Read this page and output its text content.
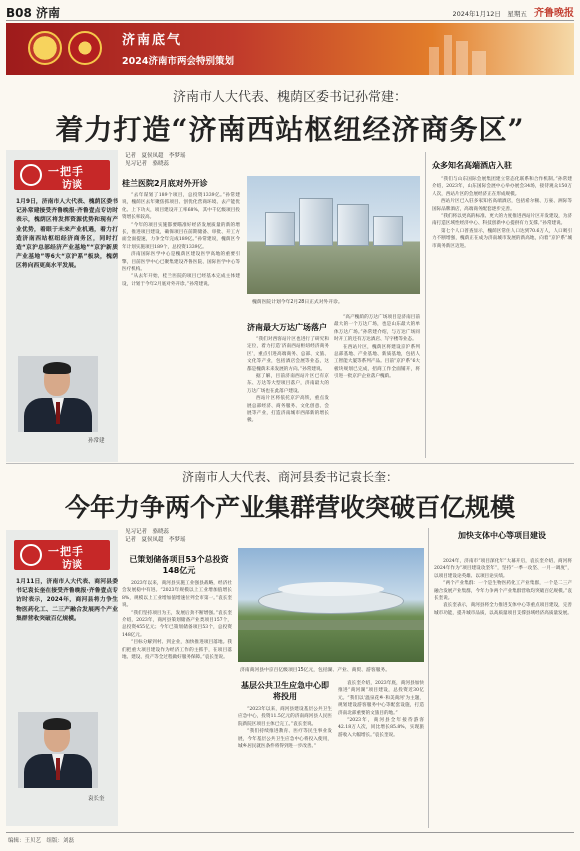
B08 济南	2024年1月12日　星期五 齐鲁晚报
济南底气
2024济南市两会特别策划
济南市人大代表、槐荫区委书记孙常建：
着力打造“济南西站枢纽经济商务区”
一把手
访谈
1月9日，济南市人大代表、槐荫区委书记孙常建接受齐鲁晚报·齐鲁壹点专访时表示，槐荫区将发挥资源优势和现有产业优势，着眼于未来产业机遇，着力打造济南西站枢纽经济商务区，同时打造“京沪总部经济产业基地”“京沪新质产业基地”等6大“京沪系”板块，槐荫区将向西更高水平发展。
孙常建
记者　夏侯凤超　李梦瑶
见习记者　骆晓蕊
桂兰医院2月底对外开诊

“去年谋划了189个项目，总投资1339亿。”孙常建说，槐荫区去年聚焦抓项目、创优化营商环境、去产能优化、上下功夫，项目建设开工率68%，其中千亿级项目投资增长率较高。

“今年的项目实施都要瞄准好经济发展质量的新的增长，推进项目建设，确保项目在前期储备、审批、开工方面全面提速，力争全年完成189亿。”孙常建说，槐荫区今年计划实施项目189个，总投资1339亿。

济南国际医学中心是槐荫区建设医学高地的重要引擎，目前医学中心已聚集建设齐鲁医院、国际医学中心等医疗机构。

“从去年开始，桂兰医院的项目已经基本完成主体建设，计划于今年2月底对外开诊。”孙常建说。

槐荫医院计划今年2月28日正式对外开诊。
济南最大万达广场落户

“我们对西客站片区也进行了研究和定位，着力打造‘济南西站枢纽经济商务区’，重点引进高端商务、总部、文旅、文化等产业，包括酒店会展等业态，这都是槐荫未来发展的方向。”孙常建说。

据了解，目前济南西站片区已有京东、万达等大型项目落户，济南最大的万达广场也在此落户建设。

西站片区将依托京沪高铁，重点发展总部经济、商务服务、文化创意、会展等产业，打造济南城市西部新的增长极。

“高产槐荫的万达广场项目是济南目前最大的一个万达广场，也是山东最大的单体万达广场。”孙常建介绍，与万达广场同时开工的还有万达酒店、写字楼等业态。

在西站片区，槐荫区将建设京沪系列总部基地、产业基地、新质基地，包括人工智能大厦等系列产品。目前“京沪系”6大板块规划已完成，招商工作全面铺开，将引进一批京沪企业落户槐荫。

众多知名高端酒店入驻

“我们与山东国际会展集团建立常态化联系和合作机制。”孙常建介绍，2023年，山东国际会展中心举办展会34场，接待观众150万人次，西站片区的会展经济正在形成规模。

西站片区已入驻多家知名高端酒店，包括希尔顿、万豪、洲际等国际品牌酒店，高端商务配套逐步完善。

“我们将以更高的标准、更大的力度推进西站片区开发建设，为济南打造区域性经济中心、科技创新中心提供有力支撑。”孙常建说。

第七个人口普查显示，槐荫区常住人口达到70.6万人，人口吸引力不断增强，槐荫正在成为济南城市发展的新高地，向着“京沪系”城市商务新区迈进。

济南市人大代表、商河县委书记袁长奎：
今年力争两个产业集群营收突破百亿规模
一把手
访谈
1月11日，济南市人大代表、商河县委书记袁长奎在接受齐鲁晚报·齐鲁壹点专访时表示，2024年，商河县将力争生物医药化工、二三产融合发展两个产业集群营收突破百亿规模。
袁长奎
见习记者　骆晓蕊
记者　夏侯凤超　李梦瑶
已策划储备项目53个总投资148亿元

2023年以来，商河县实施工业强县战略，经济社会发展稳中有进。“2023年规模以上工业增加值增长8%，规模以上工业增加值增速位列全市第一。”袁长奎说。

“我们坚持项目为王，发展后劲不断增强。”袁长奎介绍，2023年，商河县策划储备产业类项目157个，总投资455亿元；今年已策划储备项目53个，总投资148亿元。

“目标分解到村、到企业，加快推进项目落地。我们把重大项目建设作为经济工作的主抓手，在项目落地、建设、投产等全过程做好服务保障。”袁长奎说。

济南商河县中京百亿级项目15亿元，包括湖、产业、商贸、游客服务。
基层公共卫生应急中心即将投用

“2023年以来，商河县建设基层公共卫生应急中心，投资11.5亿元的济南商河县人民医院新院区项目主体已完工。”袁长奎说。

“我们持续推进教育、医疗等民生事业发展，今年基层公共卫生应急中心将投入使用，城乡居民就医条件将得到进一步改善。”

袁长奎介绍，2023年底，商河县加快推进“商河湖”项目建设，总投资近30亿元。“我们以‘温泉花乡·和美商河’为主题，规划建设游客服务中心等配套设施，打造济南北部重要的文旅目的地。”

“2023年，商河县全年接待游客42.18万人次，同比增长85.8%，实现旅游收入大幅增长。”袁长奎说。

加快支体中心等项目建设

2024年，济南市“项目深化年”大幕开启，袁长奎介绍，商河将2024年作为“项目建设攻坚年”，坚持“一季一攻坚、一月一调度”，以项目建设论英雄、以项目论实绩。

“两个产业集群：一个是生物医药化工产业集群，一个是二三产融合发展产业集群，今年力争两个产业集群营收均突破百亿规模。”袁长奎说。

袁长奎表示，商河县将全力推进支体中心等重点项目建设，完善城市功能，提升城市品质，以高质量项目支撑县域经济高质量发展。

编辑：王贝艺　组版：刘磊
